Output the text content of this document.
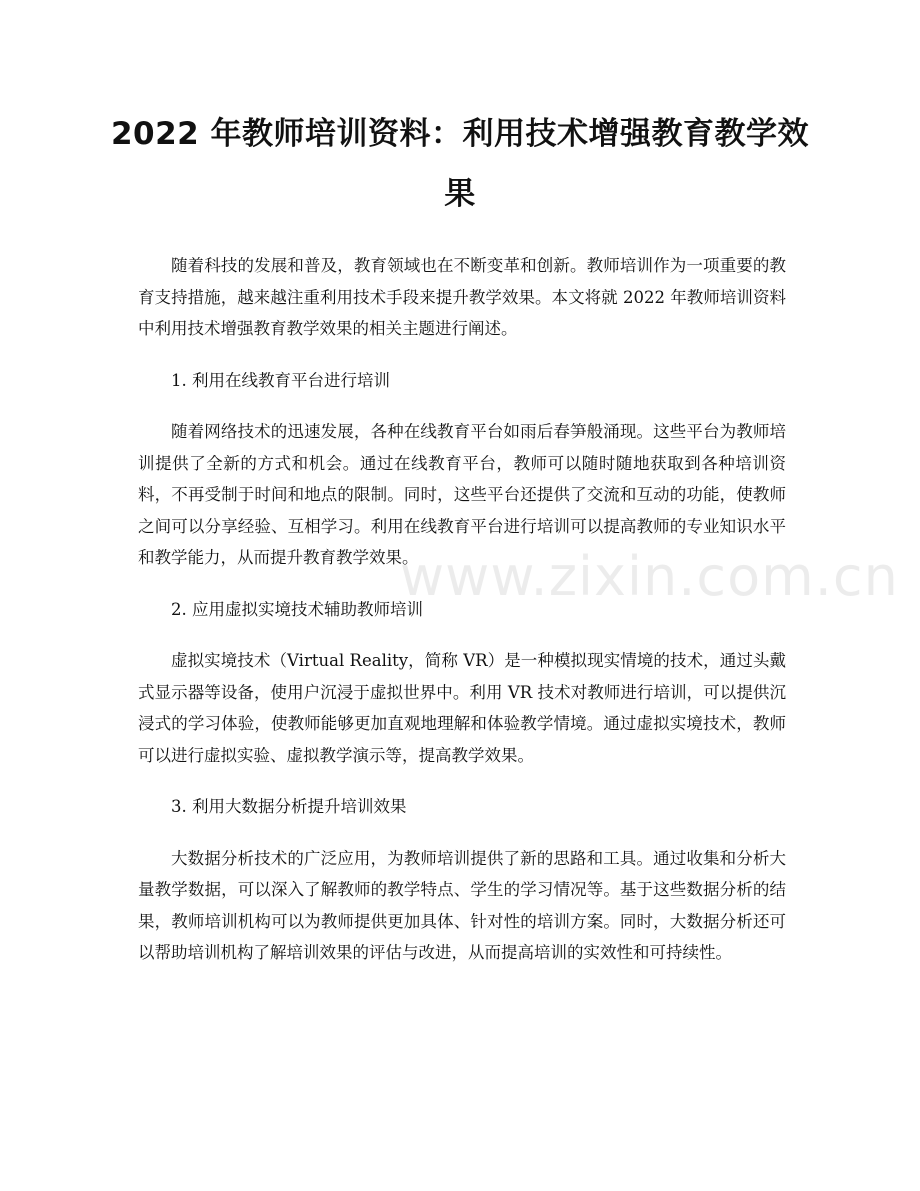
2022 年教师培训资料：利用技术增强教育教学效果

随着科技的发展和普及，教育领域也在不断变革和创新。教师培训作为一项重要的教育支持措施，越来越注重利用技术手段来提升教学效果。本文将就 2022 年教师培训资料中利用技术增强教育教学效果的相关主题进行阐述。

1. 利用在线教育平台进行培训

随着网络技术的迅速发展，各种在线教育平台如雨后春笋般涌现。这些平台为教师培训提供了全新的方式和机会。通过在线教育平台，教师可以随时随地获取到各种培训资料，不再受制于时间和地点的限制。同时，这些平台还提供了交流和互动的功能，使教师之间可以分享经验、互相学习。利用在线教育平台进行培训可以提高教师的专业知识水平和教学能力，从而提升教育教学效果。

2. 应用虚拟实境技术辅助教师培训

虚拟实境技术（Virtual Reality，简称 VR）是一种模拟现实情境的技术，通过头戴式显示器等设备，使用户沉浸于虚拟世界中。利用 VR 技术对教师进行培训，可以提供沉浸式的学习体验，使教师能够更加直观地理解和体验教学情境。通过虚拟实境技术，教师可以进行虚拟实验、虚拟教学演示等，提高教学效果。

3. 利用大数据分析提升培训效果

大数据分析技术的广泛应用，为教师培训提供了新的思路和工具。通过收集和分析大量教学数据，可以深入了解教师的教学特点、学生的学习情况等。基于这些数据分析的结果，教师培训机构可以为教师提供更加具体、针对性的培训方案。同时，大数据分析还可以帮助培训机构了解培训效果的评估与改进，从而提高培训的实效性和可持续性。

www.zixin.com.cn
